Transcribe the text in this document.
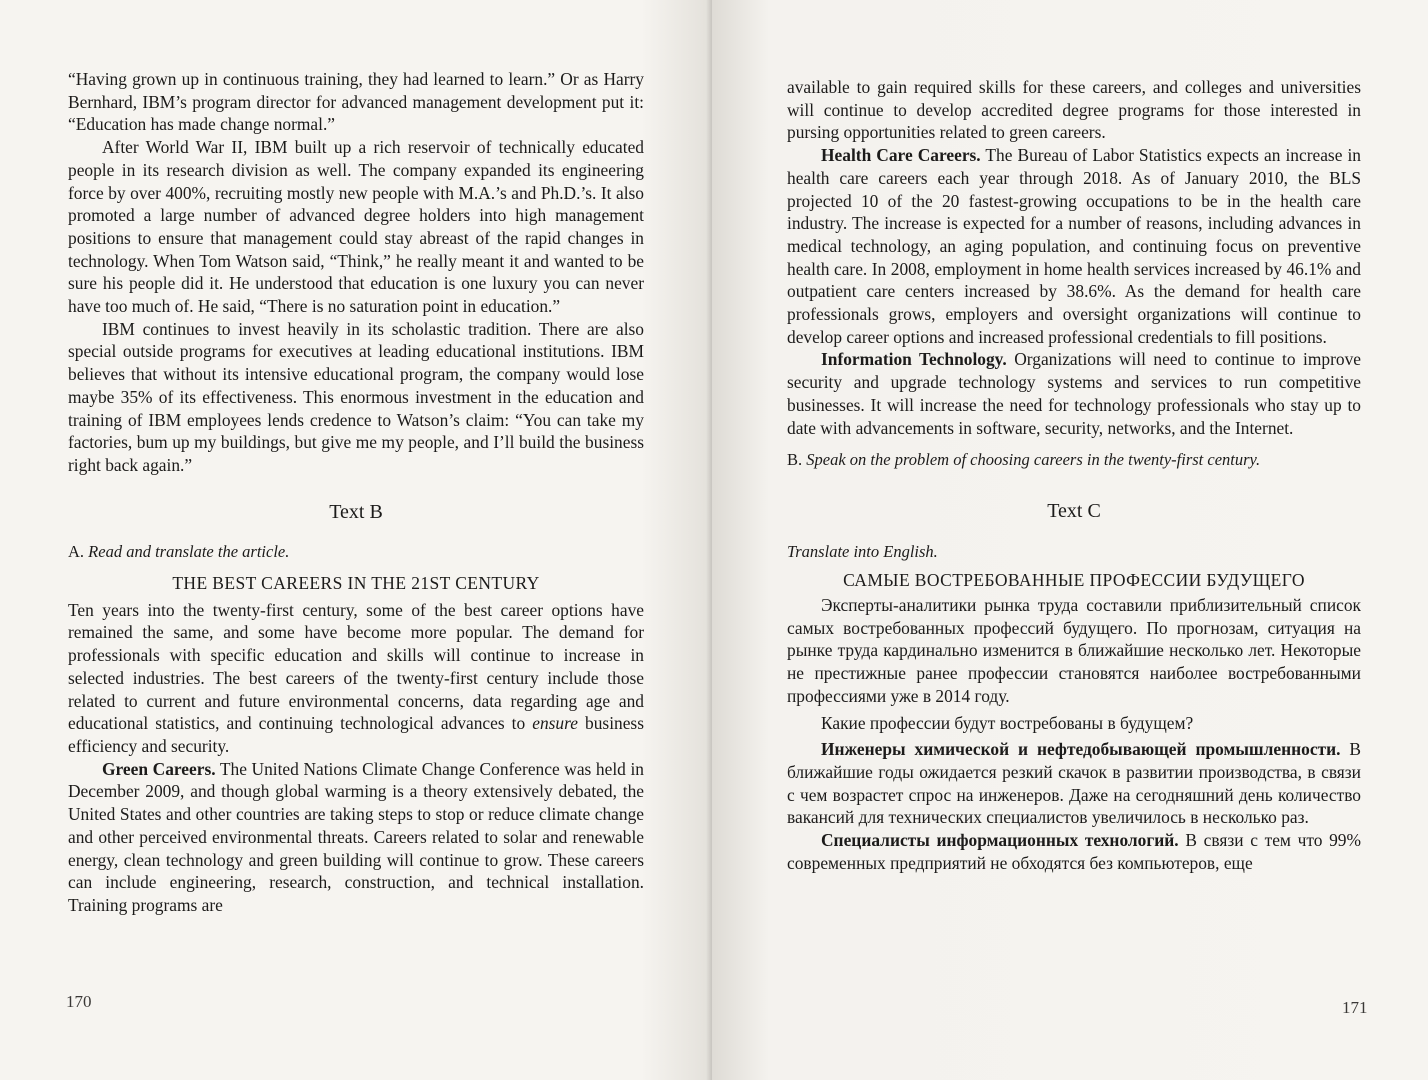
“Having grown up in continuous training, they had learned to learn.” Or as Harry Bernhard, IBM’s program director for advanced management development put it: “Education has made change normal.”

After World War II, IBM built up a rich reservoir of technically educated people in its research division as well. The company expanded its engineering force by over 400%, recruiting mostly new people with M.A.’s and Ph.D.’s. It also promoted a large number of advanced degree holders into high management positions to ensure that management could stay abreast of the rapid changes in technology. When Tom Watson said, “Think,” he really meant it and wanted to be sure his people did it. He understood that education is one luxury you can never have too much of. He said, “There is no saturation point in education.”

IBM continues to invest heavily in its scholastic tradition. There are also special outside programs for executives at leading educational institutions. IBM believes that without its intensive educational program, the company would lose maybe 35% of its effectiveness. This enormous investment in the education and training of IBM employees lends credence to Watson’s claim: “You can take my factories, bum up my buildings, but give me my people, and I’ll build the business right back again.”

Text B

A. Read and translate the article.

THE BEST CAREERS IN THE 21ST CENTURY

Ten years into the twenty-first century, some of the best career options have remained the same, and some have become more popular. The demand for professionals with specific education and skills will continue to increase in selected industries. The best careers of the twenty-first century include those related to current and future environmental concerns, data regarding age and educational statistics, and continuing technological advances to ensure business efficiency and security.

Green Careers. The United Nations Climate Change Conference was held in December 2009, and though global warming is a theory extensively debated, the United States and other countries are taking steps to stop or reduce climate change and other perceived environmental threats. Careers related to solar and renewable energy, clean technology and green building will continue to grow. These careers can include engineering, research, construction, and technical installation. Training programs are

170

available to gain required skills for these careers, and colleges and universities will continue to develop accredited degree programs for those interested in pursing opportunities related to green careers.

Health Care Careers. The Bureau of Labor Statistics expects an increase in health care careers each year through 2018. As of January 2010, the BLS projected 10 of the 20 fastest-growing occupations to be in the health care industry. The increase is expected for a number of reasons, including advances in medical technology, an aging population, and continuing focus on preventive health care. In 2008, employment in home health services increased by 46.1% and outpatient care centers increased by 38.6%. As the demand for health care professionals grows, employers and oversight organizations will continue to develop career options and increased professional credentials to fill positions.

Information Technology. Organizations will need to continue to improve security and upgrade technology systems and services to run competitive businesses. It will increase the need for technology professionals who stay up to date with advancements in software, security, networks, and the Internet.

B. Speak on the problem of choosing careers in the twenty-first century.

Text C

Translate into English.

САМЫЕ ВОСТРЕБОВАННЫЕ ПРОФЕССИИ БУДУЩЕГО

Эксперты-аналитики рынка труда составили приблизительный список самых востребованных профессий будущего. По прогнозам, ситуация на рынке труда кардинально изменится в ближайшие несколько лет. Некоторые не престижные ранее профессии становятся наиболее востребованными профессиями уже в 2014 году.

Какие профессии будут востребованы в будущем?

Инженеры химической и нефтедобывающей промышленности. В ближайшие годы ожидается резкий скачок в развитии производства, в связи с чем возрастет спрос на инженеров. Даже на сегодняшний день количество вакансий для технических специалистов увеличилось в несколько раз.

Специалисты информационных технологий. В связи с тем что 99% современных предприятий не обходятся без компьютеров, еще

171
